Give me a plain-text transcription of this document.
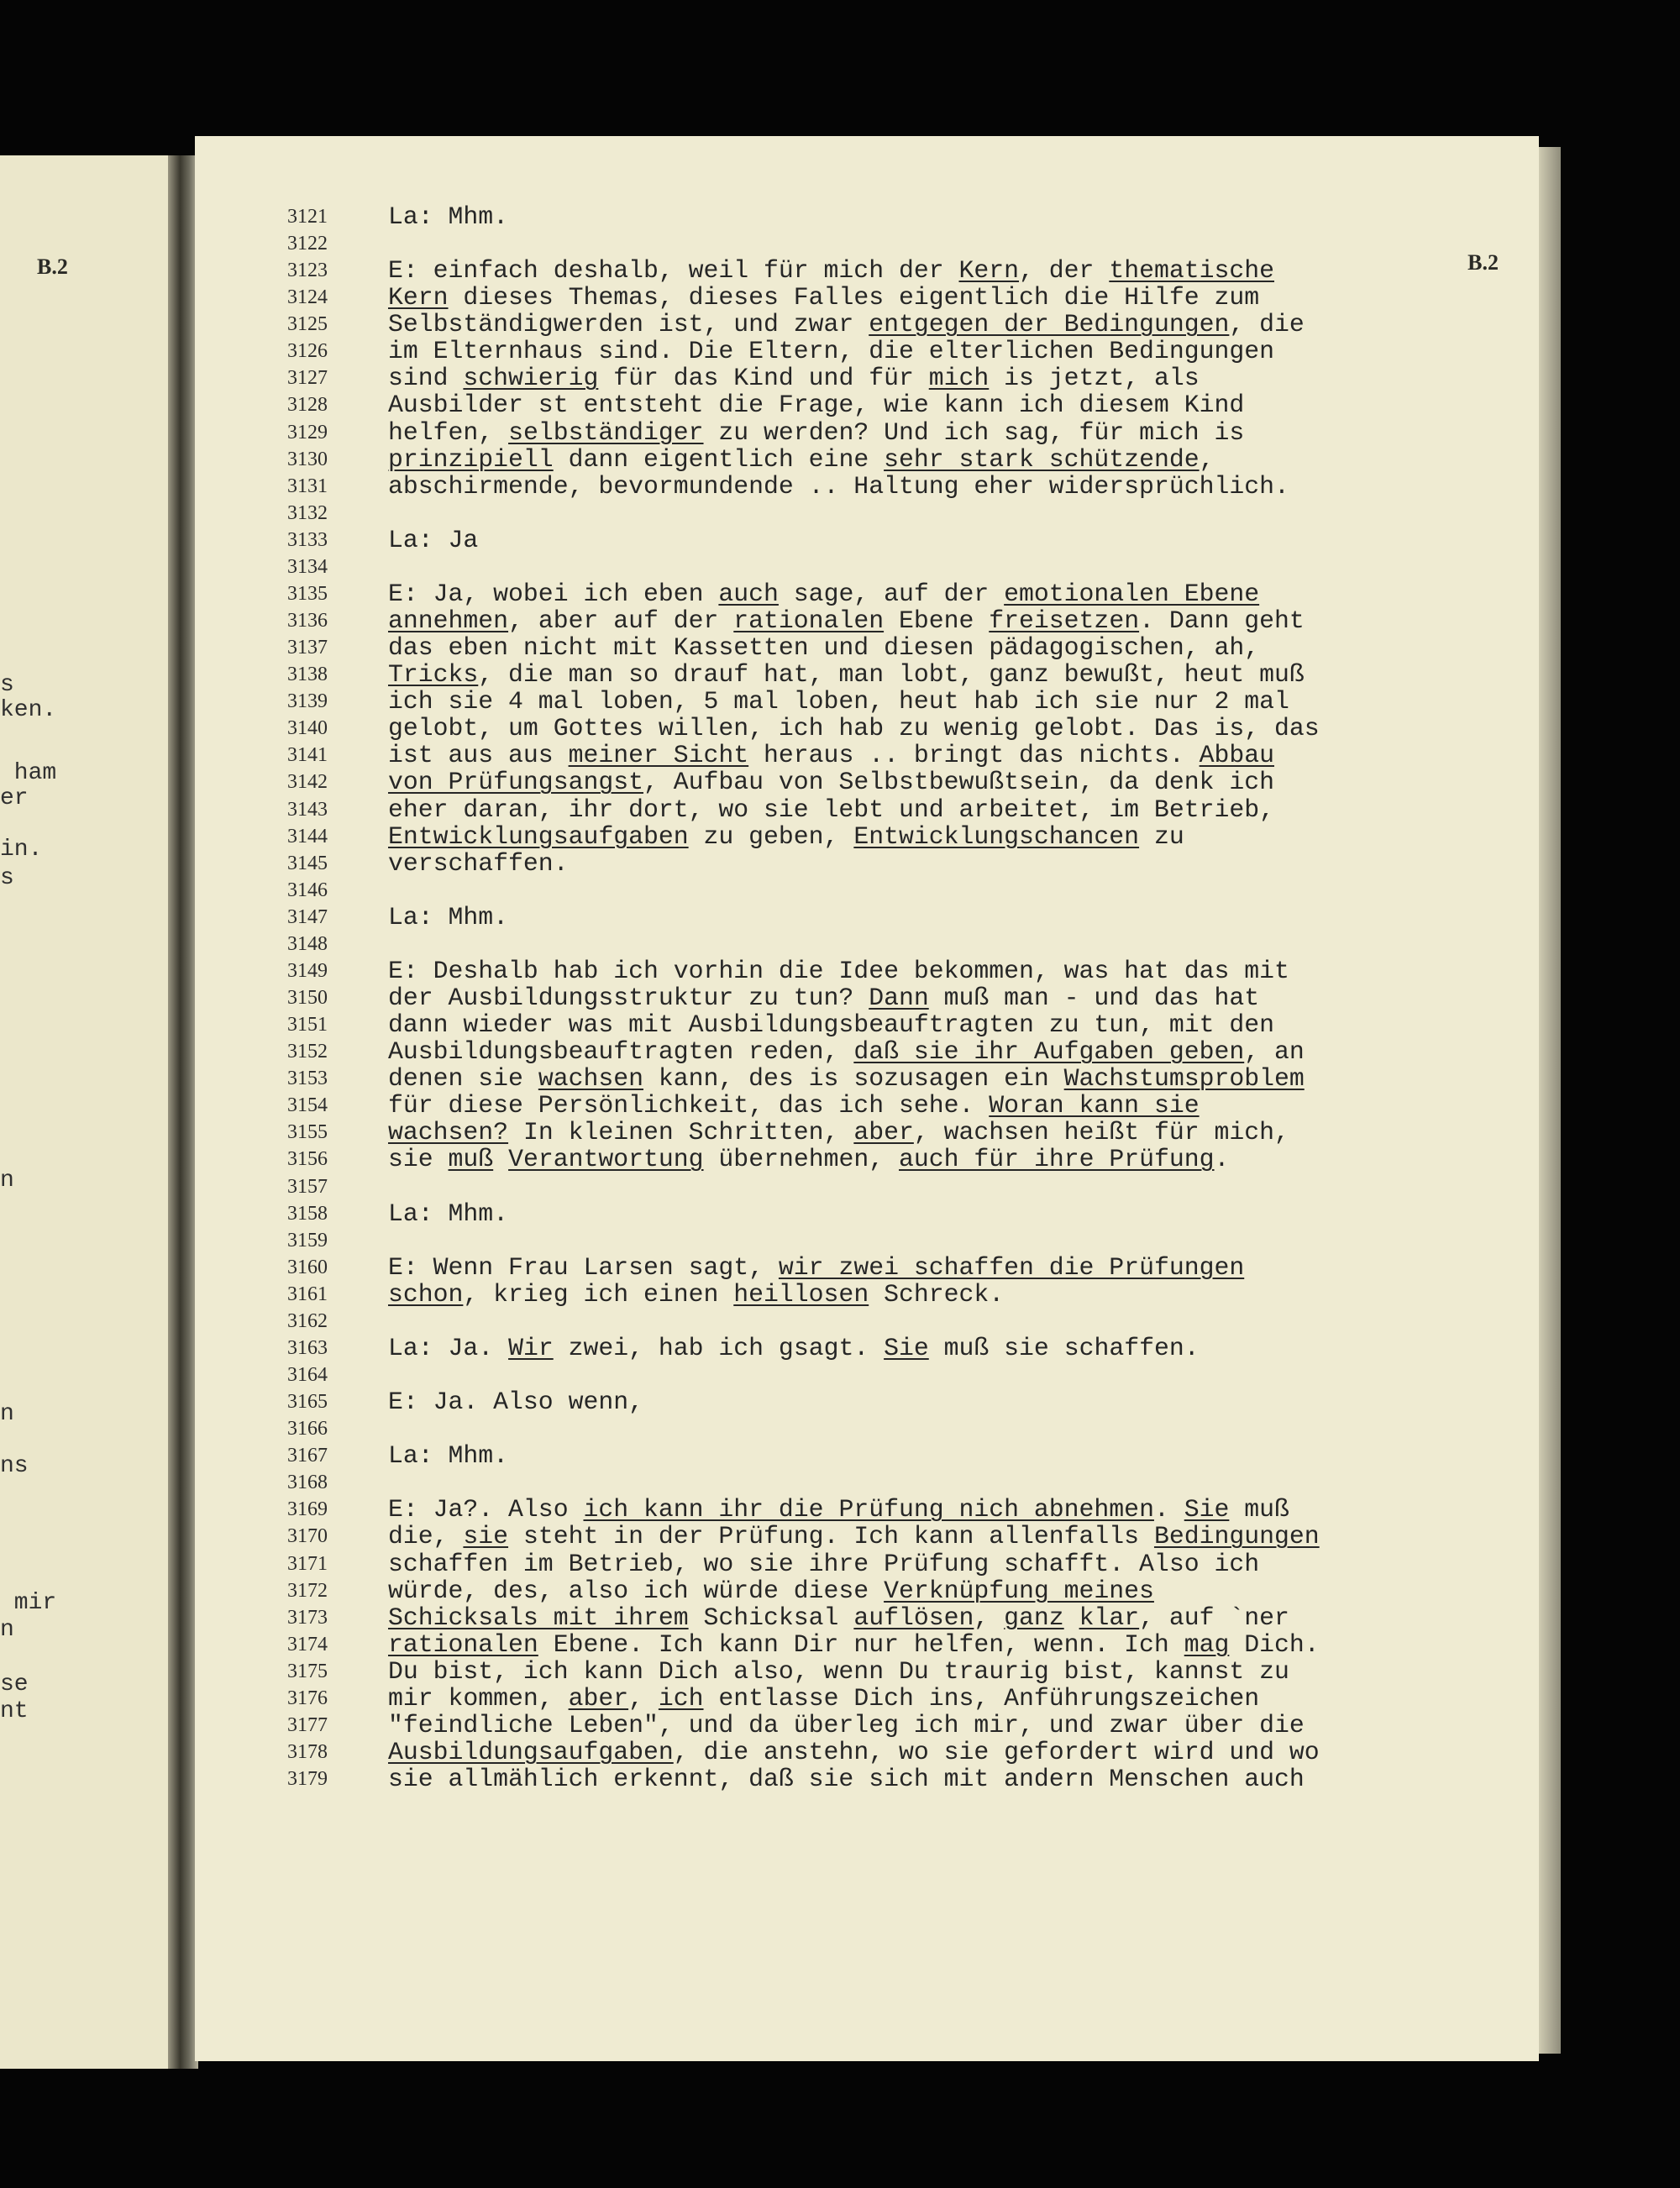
B.2
s
ken.
ham
er
in.
s
n
n
ns
mir
n
se
nt
B.2
3121	La: Mhm.
3122
3123	E: einfach deshalb, weil für mich der Kern, der thematische
3124	Kern dieses Themas, dieses Falles eigentlich die Hilfe zum
3125	Selbständigwerden ist, und zwar entgegen der Bedingungen, die
3126	im Elternhaus sind. Die Eltern, die elterlichen Bedingungen
3127	sind schwierig für das Kind und für mich is jetzt, als
3128	Ausbilder st entsteht die Frage, wie kann ich diesem Kind
3129	helfen, selbständiger zu werden? Und ich sag, für mich is
3130	prinzipiell dann eigentlich eine sehr stark schützende,
3131	abschirmende, bevormundende .. Haltung eher widersprüchlich.
3132
3133	La: Ja
3134
3135	E: Ja, wobei ich eben auch sage, auf der emotionalen Ebene
3136	annehmen, aber auf der rationalen Ebene freisetzen. Dann geht
3137	das eben nicht mit Kassetten und diesen pädagogischen, ah,
3138	Tricks, die man so drauf hat, man lobt, ganz bewußt, heut muß
3139	ich sie 4 mal loben, 5 mal loben, heut hab ich sie nur 2 mal
3140	gelobt, um Gottes willen, ich hab zu wenig gelobt. Das is, das
3141	ist aus aus meiner Sicht heraus .. bringt das nichts. Abbau
3142	von Prüfungsangst, Aufbau von Selbstbewußtsein, da denk ich
3143	eher daran, ihr dort, wo sie lebt und arbeitet, im Betrieb,
3144	Entwicklungsaufgaben zu geben, Entwicklungschancen zu
3145	verschaffen.
3146
3147	La: Mhm.
3148
3149	E: Deshalb hab ich vorhin die Idee bekommen, was hat das mit
3150	der Ausbildungsstruktur zu tun? Dann muß man - und das hat
3151	dann wieder was mit Ausbildungsbeauftragten zu tun, mit den
3152	Ausbildungsbeauftragten reden, daß sie ihr Aufgaben geben, an
3153	denen sie wachsen kann, des is sozusagen ein Wachstumsproblem
3154	für diese Persönlichkeit, das ich sehe. Woran kann sie
3155	wachsen? In kleinen Schritten, aber, wachsen heißt für mich,
3156	sie muß Verantwortung übernehmen, auch für ihre Prüfung.
3157
3158	La: Mhm.
3159
3160	E: Wenn Frau Larsen sagt, wir zwei schaffen die Prüfungen
3161	schon, krieg ich einen heillosen Schreck.
3162
3163	La: Ja. Wir zwei, hab ich gsagt. Sie muß sie schaffen.
3164
3165	E: Ja. Also wenn,
3166
3167	La: Mhm.
3168
3169	E: Ja?. Also ich kann ihr die Prüfung nich abnehmen. Sie muß
3170	die, sie steht in der Prüfung. Ich kann allenfalls Bedingungen
3171	schaffen im Betrieb, wo sie ihre Prüfung schafft. Also ich
3172	würde, des, also ich würde diese Verknüpfung meines
3173	Schicksals mit ihrem Schicksal auflösen, ganz klar, auf `ner
3174	rationalen Ebene. Ich kann Dir nur helfen, wenn. Ich mag Dich.
3175	Du bist, ich kann Dich also, wenn Du traurig bist, kannst zu
3176	mir kommen, aber, ich entlasse Dich ins, Anführungszeichen
3177	"feindliche Leben", und da überleg ich mir, und zwar über die
3178	Ausbildungsaufgaben, die anstehn, wo sie gefordert wird und wo
3179	sie allmählich erkennt, daß sie sich mit andern Menschen auch
